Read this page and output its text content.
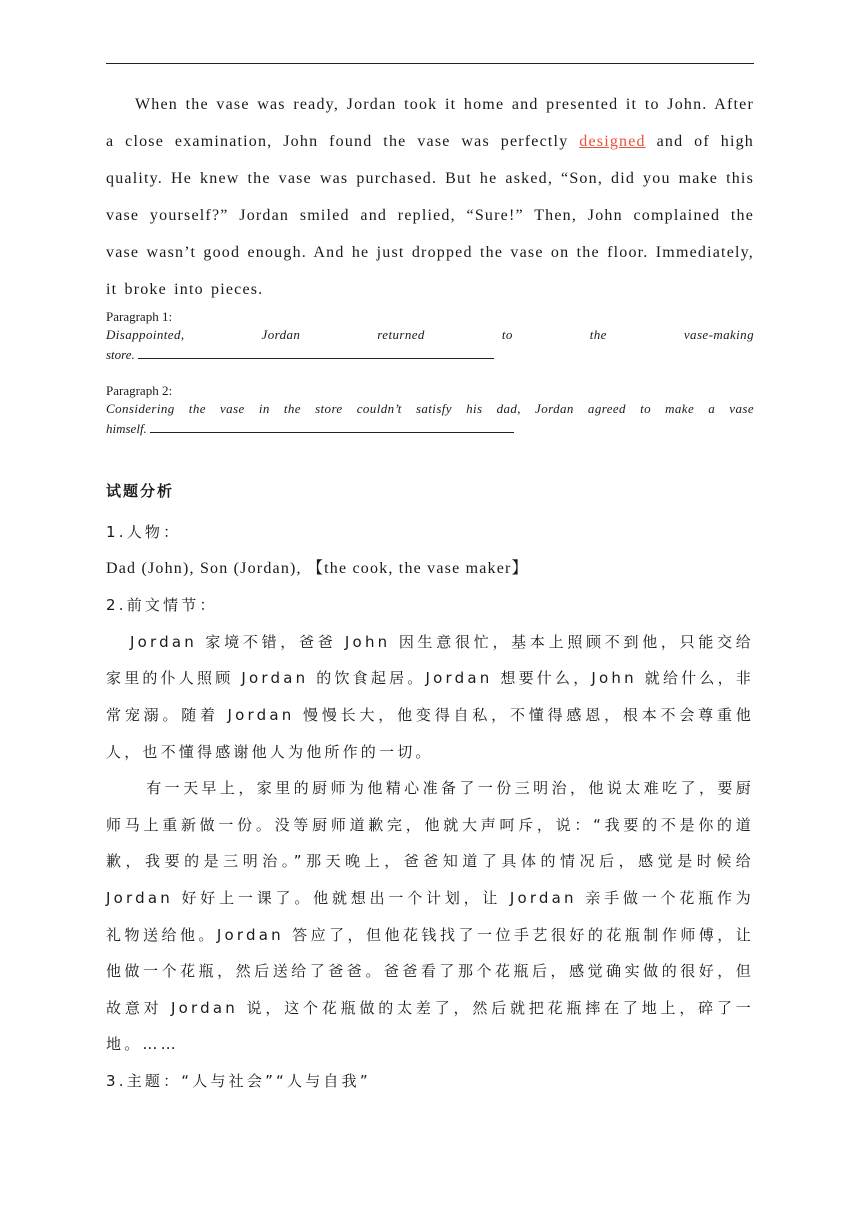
When the vase was ready, Jordan took it home and presented it to John. After a close examination, John found the vase was perfectly designed and of high quality. He knew the vase was purchased. But he asked, “Son, did you make this vase yourself?” Jordan smiled and replied, “Sure!” Then, John complained the vase wasn’t good enough. And he just dropped the vase on the floor. Immediately, it broke into pieces.

Paragraph 1:
Disappointed, Jordan returned to the vase-making
store.
Paragraph 2:
Considering the vase in the store couldn’t satisfy his dad, Jordan agreed to make a vase
himself.
试题分析
1.人物：
Dad (John), Son (Jordan), 【the cook, the vase maker】
2.前文情节：

Jordan 家境不错，爸爸 John 因生意很忙，基本上照顾不到他，只能交给家里的仆人照顾 Jordan 的饮食起居。Jordan 想要什么，John 就给什么，非常宠溺。随着 Jordan 慢慢长大，他变得自私，不懂得感恩，根本不会尊重他人，也不懂得感谢他人为他所作的一切。

有一天早上，家里的厨师为他精心准备了一份三明治，他说太难吃了，要厨师马上重新做一份。没等厨师道歉完，他就大声呵斥，说：“我要的不是你的道歉，我要的是三明治。”那天晚上，爸爸知道了具体的情况后，感觉是时候给 Jordan 好好上一课了。他就想出一个计划，让 Jordan 亲手做一个花瓶作为礼物送给他。Jordan 答应了，但他花钱找了一位手艺很好的花瓶制作师傅，让他做一个花瓶，然后送给了爸爸。爸爸看了那个花瓶后，感觉确实做的很好，但故意对 Jordan 说，这个花瓶做的太差了，然后就把花瓶摔在了地上，碎了一地。……

3.主题：“人与社会”“人与自我”
